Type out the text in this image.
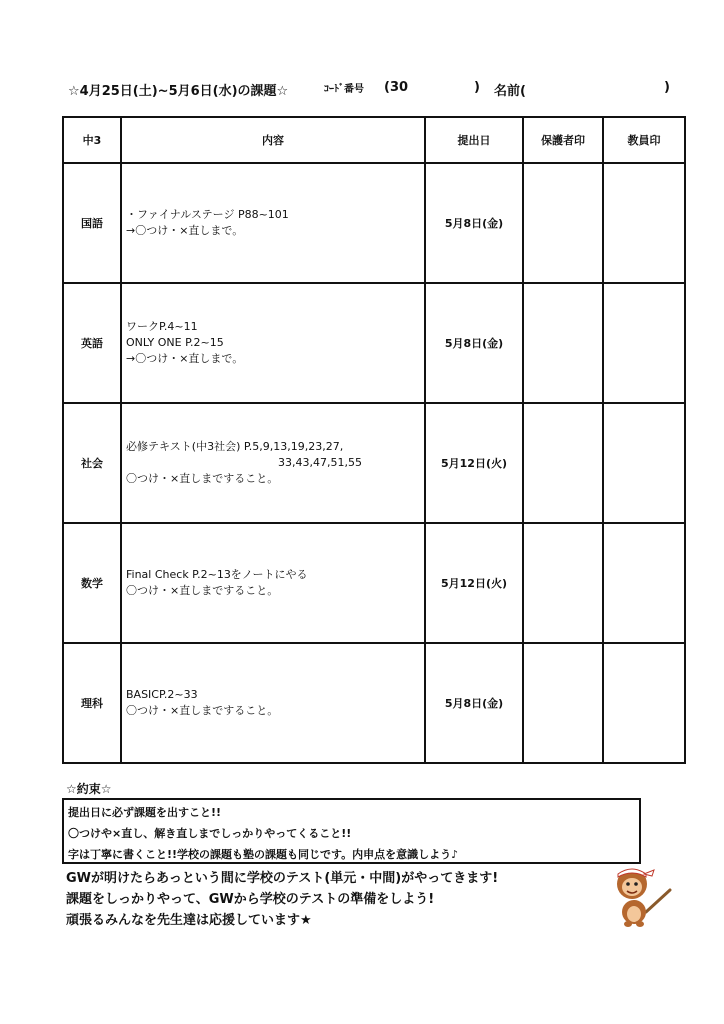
☆4月25日(土)~5月6日(水)の課題☆	ｺｰﾄﾞ番号 (30	) 名前(	)
中3	内容	提出日	保護者印	教員印
国語	・ファイナルステージ P88~101
→〇つけ・×直しまで。	5月8日(金)		
英語	ワークP.4~11
ONLY ONE P.2~15
→〇つけ・×直しまで。	5月8日(金)		
社会	必修テキスト(中3社会) P.5,9,13,19,23,27,
33,43,47,51,55
〇つけ・×直しまですること。	5月12日(火)		
数学	Final Check P.2~13をノートにやる
〇つけ・×直しまですること。	5月12日(火)		
理科	BASICP.2~33
〇つけ・×直しまですること。	5月8日(金)		
☆約束☆
提出日に必ず課題を出すこと!!
〇つけや×直し、解き直しまでしっかりやってくること!!
字は丁寧に書くこと!!学校の課題も塾の課題も同じです。内申点を意識しよう♪
GWが明けたらあっという間に学校のテスト(単元・中間)がやってきます!
課題をしっかりやって、GWから学校のテストの準備をしよう!
頑張るみんなを先生達は応援しています★
